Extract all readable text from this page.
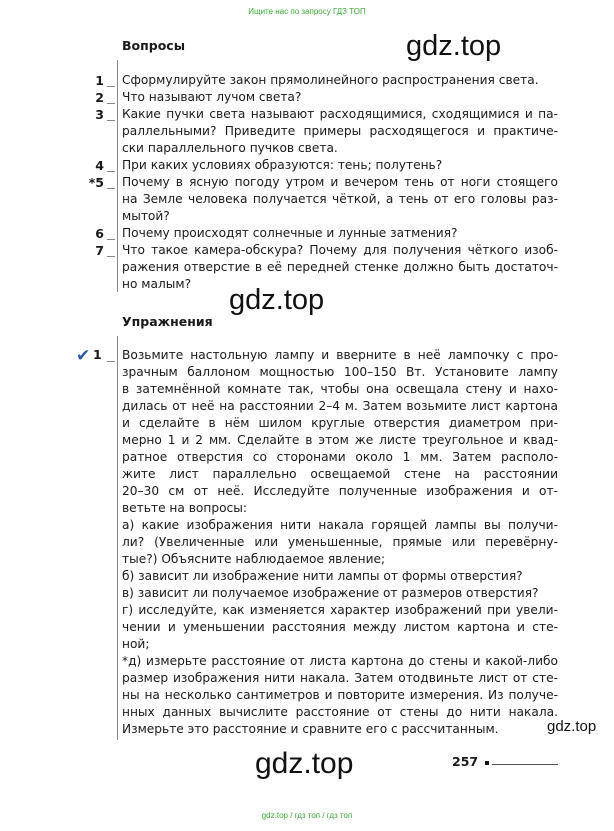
Ищите нас по запросу ГДЗ ТОП
gdz.top
gdz.top
gdz.top
gdz.top
Вопросы
1 Сформулируйте закон прямолинейного распространения света.
2 Что называют лучом света?
3 Какие пучки света называют расходящимися, сходящимися и па-
раллельными? Приведите примеры расходящегося и практиче-
ски параллельного пучков света.
4 При каких условиях образуются: тень; полутень?
*5 Почему в ясную погоду утром и вечером тень от ноги стоящего
на Земле человека получается чёткой, а тень от его головы раз-
мытой?
6 Почему происходят солнечные и лунные затмения?
7 Что такое камера-обскура? Почему для получения чёткого изоб-
ражения отверстие в её передней стенке должно быть достаточ-
но малым?
Упражнения
✔ 1 Возьмите настольную лампу и вверните в неё лампочку с про-
зрачным баллоном мощностью 100–150 Вт. Установите лампу
в затемнённой комнате так, чтобы она освещала стену и нахо-
дилась от неё на расстоянии 2–4 м. Затем возьмите лист картона
и сделайте в нём шилом круглые отверстия диаметром при-
мерно 1 и 2 мм. Сделайте в этом же листе треугольное и квад-
ратное отверстия со сторонами около 1 мм. Затем располо-
жите лист параллельно освещаемой стене на расстоянии
20–30 см от неё. Исследуйте полученные изображения и от-
ветьте на вопросы:
а) какие изображения нити накала горящей лампы вы получи-
ли? (Увеличенные или уменьшенные, прямые или перевёрну-
тые?) Объясните наблюдаемое явление;
б) зависит ли изображение нити лампы от формы отверстия?
в) зависит ли получаемое изображение от размеров отверстия?
г) исследуйте, как изменяется характер изображений при увели-
чении и уменьшении расстояния между листом картона и сте-
ной;
*д) измерьте расстояние от листа картона до стены и какой-либо
размер изображения нити накала. Затем отодвиньте лист от сте-
ны на несколько сантиметров и повторите измерения. Из получе-
нных данных вычислите расстояние от стены до нити накала.
Измерьте это расстояние и сравните его с рассчитанным.
257
gdz.top / гдз топ / гдз топ
